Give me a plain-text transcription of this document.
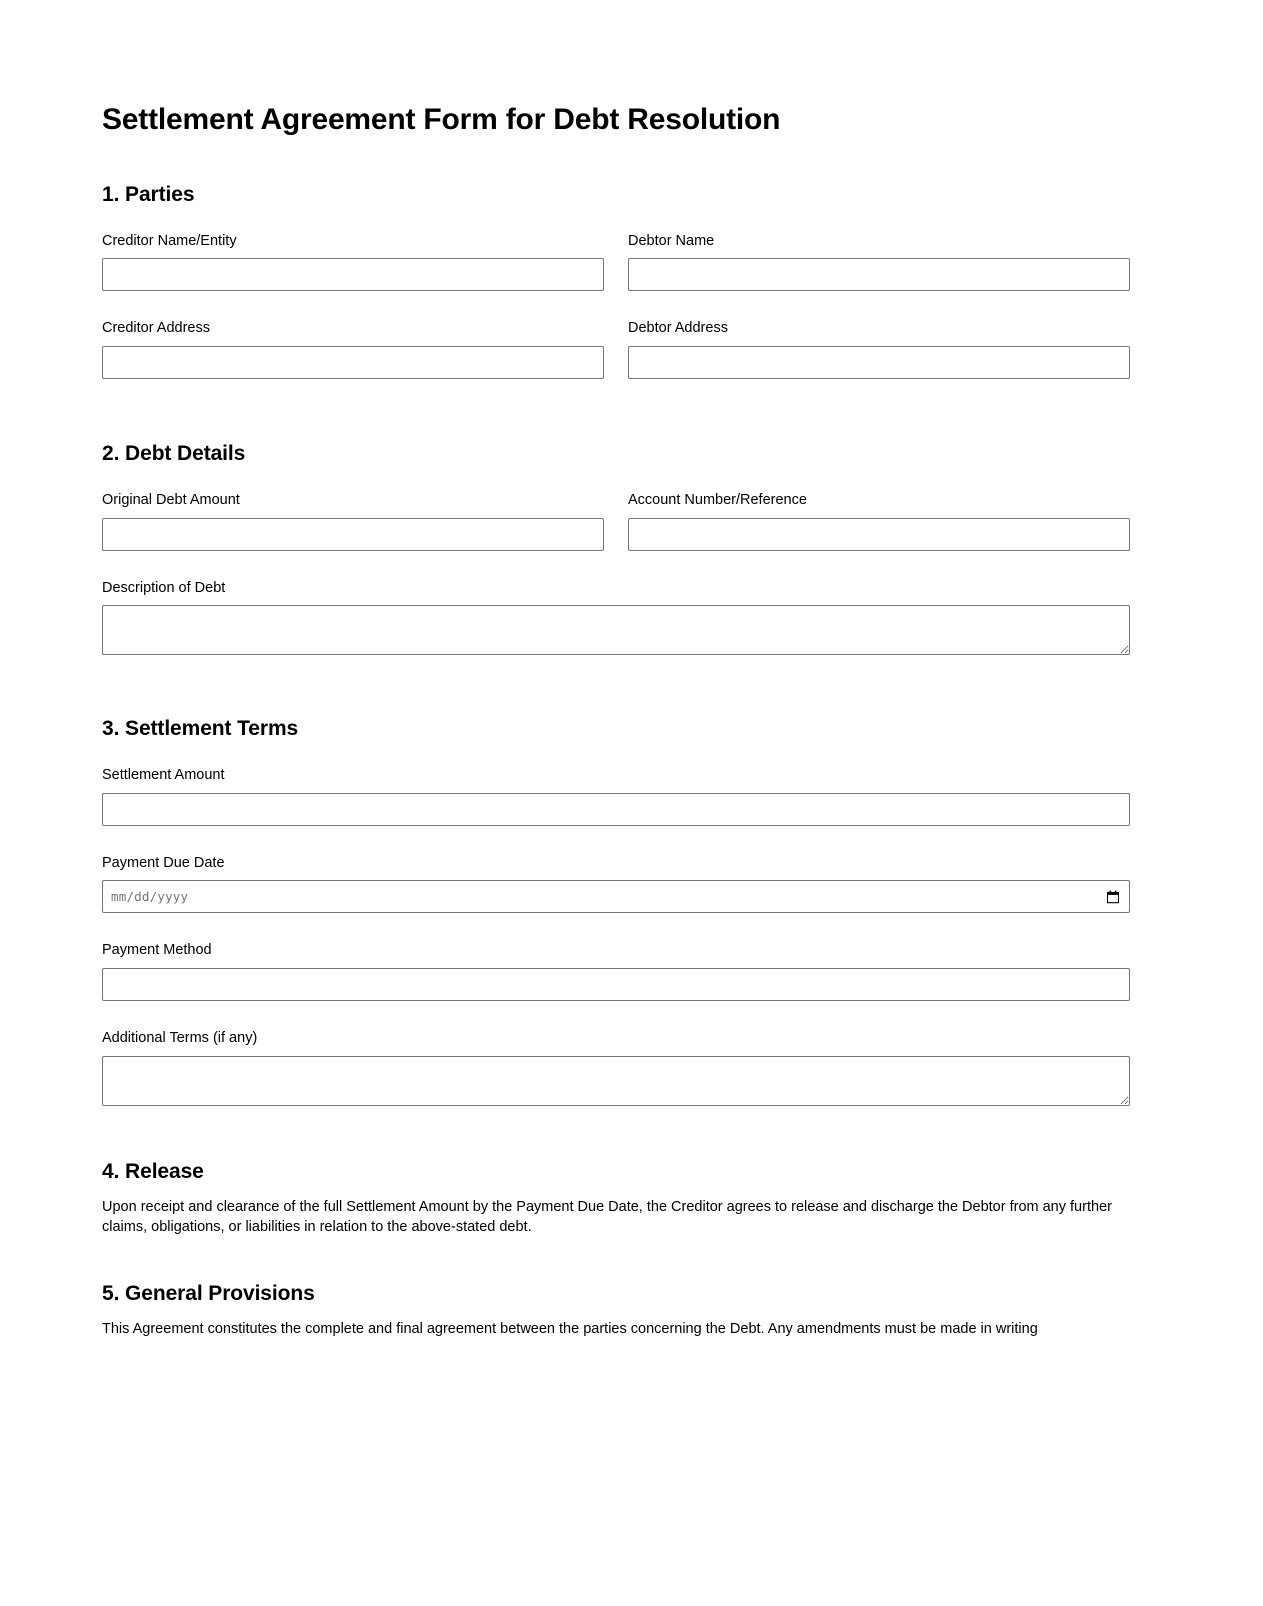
Settlement Agreement Form for Debt Resolution
1. Parties
Creditor Name/Entity	Debtor Name
Creditor Address	Debtor Address
2. Debt Details
Original Debt Amount	Account Number/Reference
Description of Debt
3. Settlement Terms
Settlement Amount
Payment Due Date
mm/dd/yyyy
Payment Method
Additional Terms (if any)
4. Release

Upon receipt and clearance of the full Settlement Amount by the Payment Due Date, the Creditor agrees to release and discharge the Debtor from any further claims, obligations, or liabilities in relation to the above-stated debt.

5. General Provisions

This Agreement constitutes the complete and final agreement between the parties concerning the Debt. Any amendments must be made in writing
